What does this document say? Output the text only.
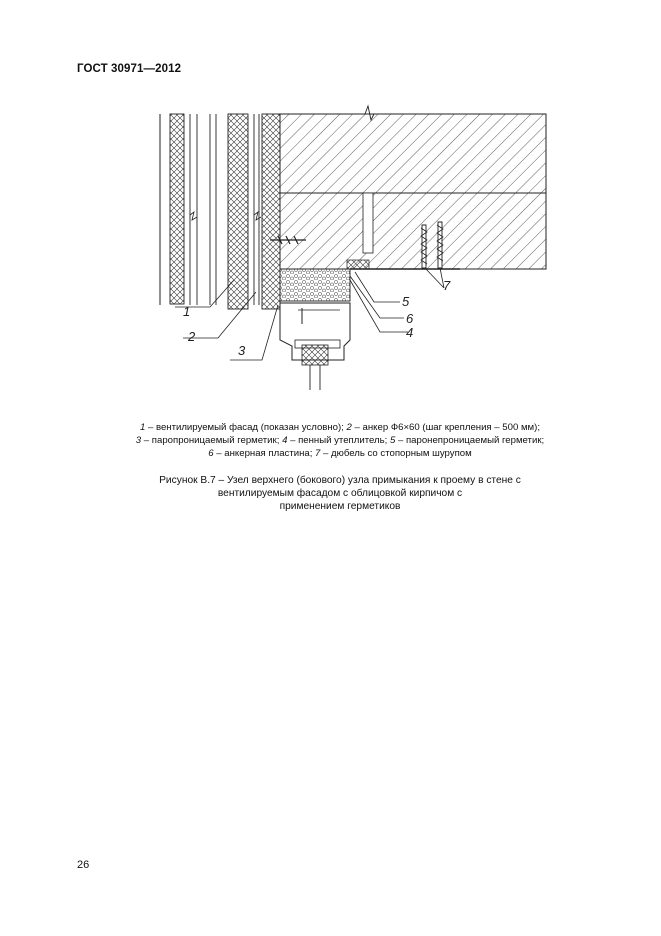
ГОСТ 30971—2012
1
2
3
4
5
6
7
1 – вентилируемый фасад (показан условно); 2 – анкер Ф6×60 (шаг крепления – 500 мм);
3 – паропроницаемый герметик; 4 – пенный утеплитель; 5 – паронепроницаемый герметик;
6 – анкерная пластина; 7 – дюбель со стопорным шурупом
Рисунок В.7 – Узел верхнего (бокового) узла примыкания к проему в стене с
вентилируемым фасадом с облицовкой кирпичом с
применением герметиков
26
